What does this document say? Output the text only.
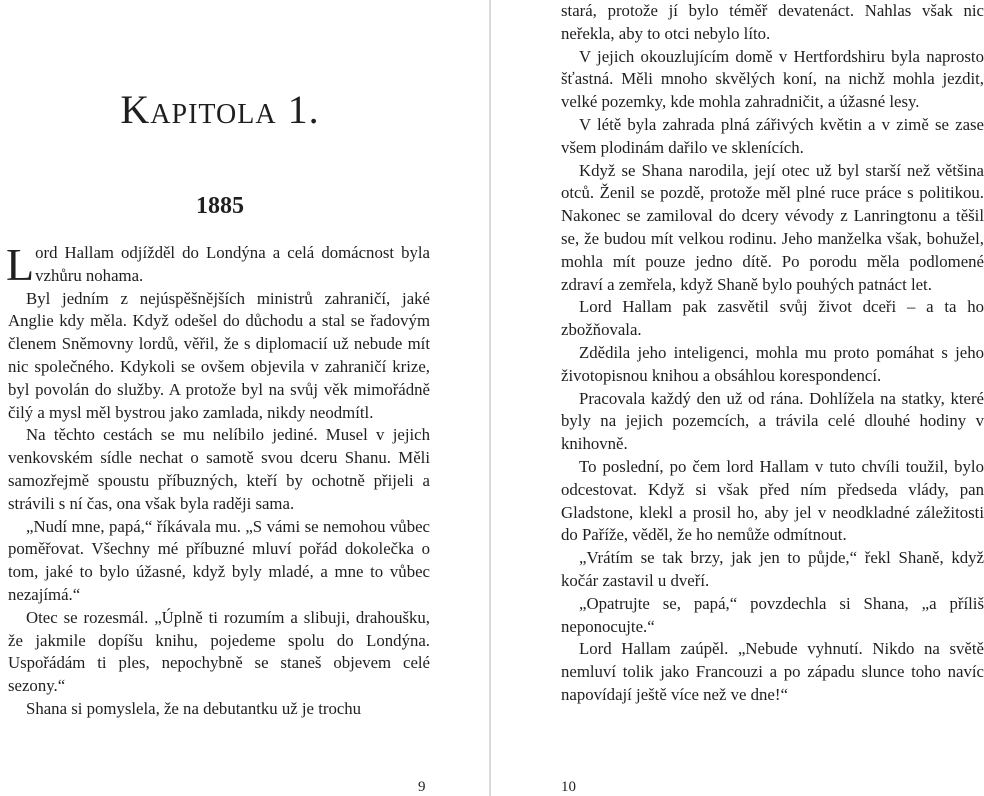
Kapitola 1.
1885

Lord Hallam odjížděl do Londýna a celá domácnost byla vzhůru nohama.

Byl jedním z nejúspěšnějších ministrů zahraničí, jaké Anglie kdy měla. Když odešel do důchodu a stal se řadovým členem Sněmovny lordů, věřil, že s diplomacií už nebude mít nic společného. Kdykoli se ovšem objevila v zahraničí krize, byl povolán do služby. A protože byl na svůj věk mimořádně čilý a mysl měl bystrou jako zamlada, nikdy neodmítl.

Na těchto cestách se mu nelíbilo jediné. Musel v jejich venkovském sídle nechat o samotě svou dceru Shanu. Měli samozřejmě spoustu příbuzných, kteří by ochotně přijeli a strávili s ní čas, ona však byla raději sama.

„Nudí mne, papá,“ říkávala mu. „S vámi se nemohou vůbec poměřovat. Všechny mé příbuzné mluví pořád dokolečka o tom, jaké to bylo úžasné, když byly mladé, a mne to vůbec nezajímá.“

Otec se rozesmál. „Úplně ti rozumím a slibuji, drahoušku, že jakmile dopíšu knihu, pojedeme spolu do Londýna. Uspořádám ti ples, nepochybně se staneš objevem celé sezony.“

Shana si pomyslela, že na debutantku už je trochu

9

stará, protože jí bylo téměř devatenáct. Nahlas však nic neřekla, aby to otci nebylo líto.

V jejich okouzlujícím domě v Hertfordshiru byla naprosto šťastná. Měli mnoho skvělých koní, na nichž mohla jezdit, velké pozemky, kde mohla zahradničit, a úžasné lesy.

V létě byla zahrada plná zářivých květin a v zimě se zase všem plodinám dařilo ve sklenících.

Když se Shana narodila, její otec už byl starší než většina otců. Ženil se pozdě, protože měl plné ruce práce s politikou. Nakonec se zamiloval do dcery vévody z Lanringtonu a těšil se, že budou mít velkou rodinu. Jeho manželka však, bohužel, mohla mít pouze jedno dítě. Po porodu měla podlomené zdraví a zemřela, když Shaně bylo pouhých patnáct let.

Lord Hallam pak zasvětil svůj život dceři – a ta ho zbožňovala.

Zdědila jeho inteligenci, mohla mu proto pomáhat s jeho životopisnou knihou a obsáhlou korespondencí.

Pracovala každý den už od rána. Dohlížela na statky, které byly na jejich pozemcích, a trávila celé dlouhé hodiny v knihovně.

To poslední, po čem lord Hallam v tuto chvíli toužil, bylo odcestovat. Když si však před ním předseda vlády, pan Gladstone, klekl a prosil ho, aby jel v neodkladné záležitosti do Paříže, věděl, že ho nemůže odmítnout.

„Vrátím se tak brzy, jak jen to půjde,“ řekl Shaně, když kočár zastavil u dveří.

„Opatrujte se, papá,“ povzdechla si Shana, „a příliš neponocujte.“

Lord Hallam zaúpěl. „Nebude vyhnutí. Nikdo na světě nemluví tolik jako Francouzi a po západu slunce toho navíc napovídají ještě více než ve dne!“

10
